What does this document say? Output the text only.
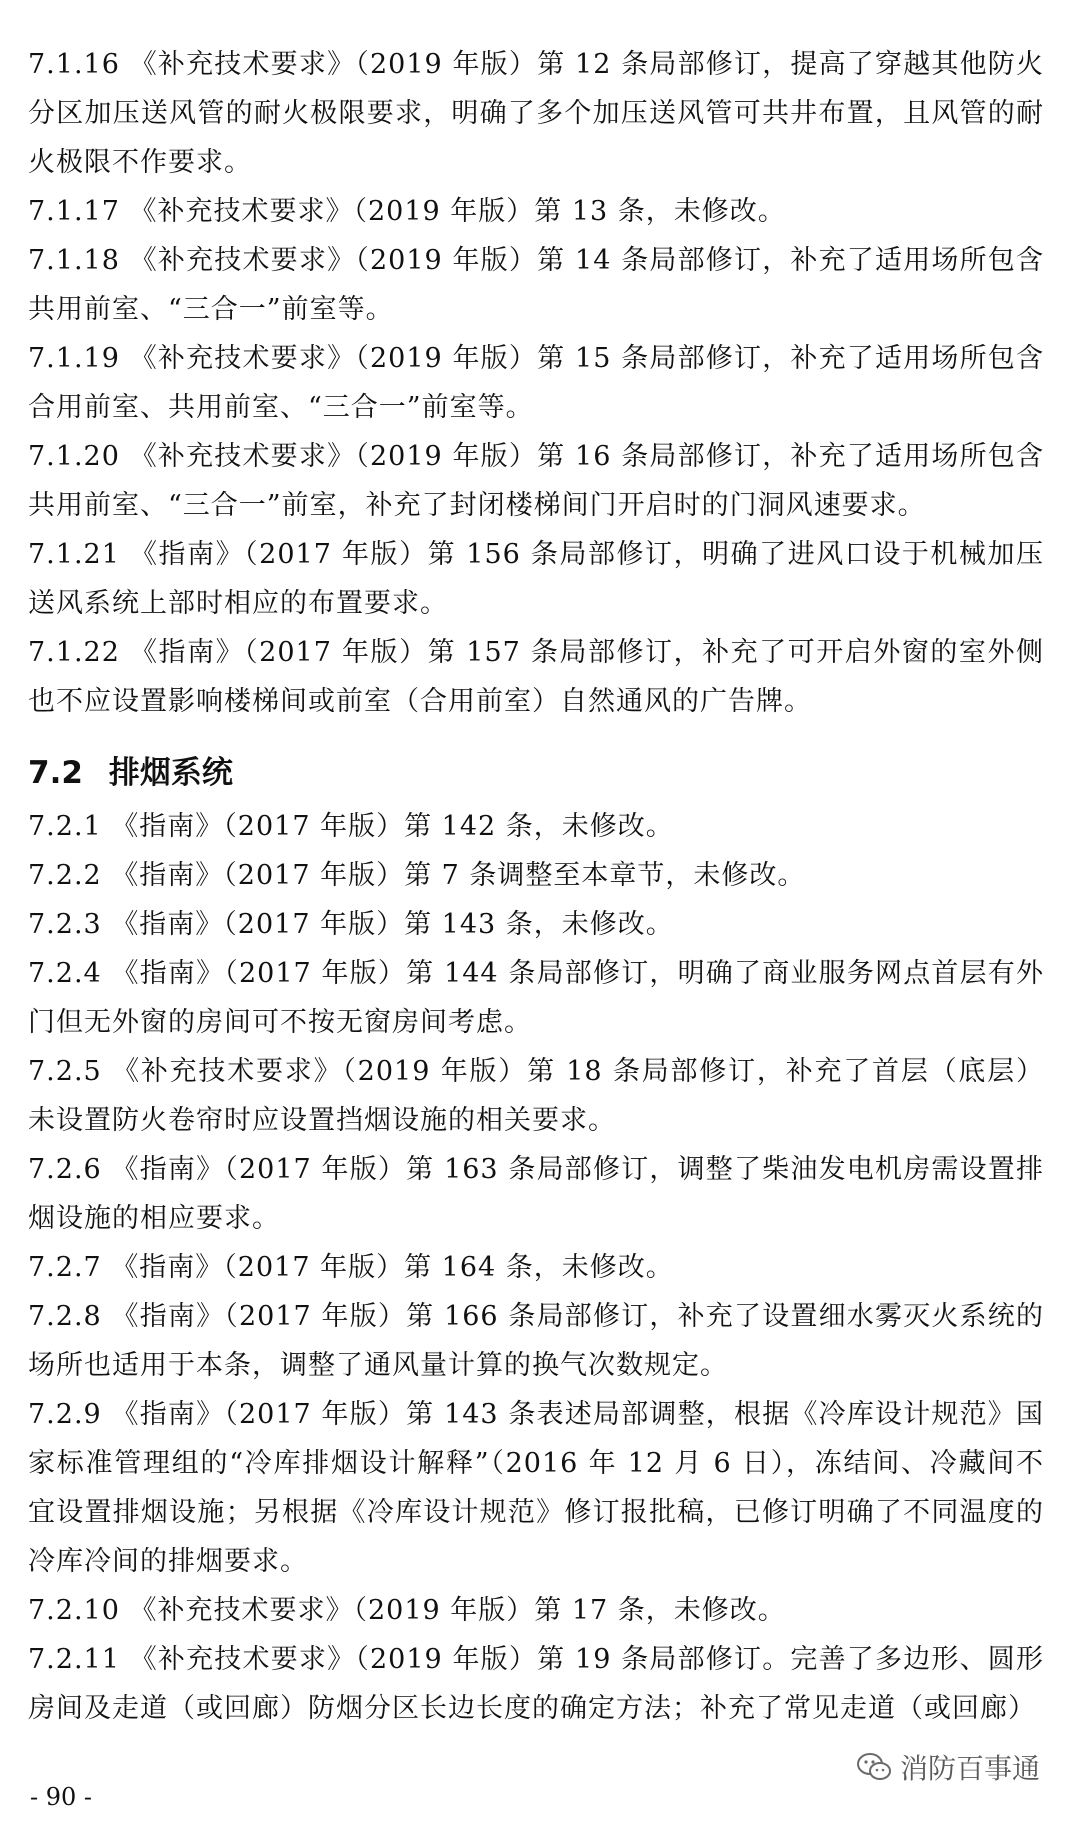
7.1.16 《补充技术要求》（2019 年版）第 12 条局部修订，提高了穿越其他防火分区加压送风管的耐火极限要求，明确了多个加压送风管可共井布置，且风管的耐火极限不作要求。

7.1.17 《补充技术要求》（2019 年版）第 13 条，未修改。

7.1.18 《补充技术要求》（2019 年版）第 14 条局部修订，补充了适用场所包含共用前室、“三合一”前室等。

7.1.19 《补充技术要求》（2019 年版）第 15 条局部修订，补充了适用场所包含合用前室、共用前室、“三合一”前室等。

7.1.20 《补充技术要求》（2019 年版）第 16 条局部修订，补充了适用场所包含共用前室、“三合一”前室，补充了封闭楼梯间门开启时的门洞风速要求。

7.1.21 《指南》（2017 年版）第 156 条局部修订，明确了进风口设于机械加压送风系统上部时相应的布置要求。

7.1.22 《指南》（2017 年版）第 157 条局部修订，补充了可开启外窗的室外侧也不应设置影响楼梯间或前室（合用前室）自然通风的广告牌。

7.2 排烟系统

7.2.1 《指南》（2017 年版）第 142 条，未修改。

7.2.2 《指南》（2017 年版）第 7 条调整至本章节，未修改。

7.2.3 《指南》（2017 年版）第 143 条，未修改。

7.2.4 《指南》（2017 年版）第 144 条局部修订，明确了商业服务网点首层有外门但无外窗的房间可不按无窗房间考虑。

7.2.5 《补充技术要求》（2019 年版）第 18 条局部修订，补充了首层（底层）未设置防火卷帘时应设置挡烟设施的相关要求。

7.2.6 《指南》（2017 年版）第 163 条局部修订，调整了柴油发电机房需设置排烟设施的相应要求。

7.2.7 《指南》（2017 年版）第 164 条，未修改。

7.2.8 《指南》（2017 年版）第 166 条局部修订，补充了设置细水雾灭火系统的场所也适用于本条，调整了通风量计算的换气次数规定。

7.2.9 《指南》（2017 年版）第 143 条表述局部调整，根据《冷库设计规范》国家标准管理组的“冷库排烟设计解释”（2016 年 12 月 6 日），冻结间、冷藏间不宜设置排烟设施；另根据《冷库设计规范》修订报批稿，已修订明确了不同温度的冷库冷间的排烟要求。

7.2.10 《补充技术要求》（2019 年版）第 17 条，未修改。

7.2.11 《补充技术要求》（2019 年版）第 19 条局部修订。完善了多边形、圆形房间及走道（或回廊）防烟分区长边长度的确定方法；补充了常见走道（或回廊）

消防百事通
- 90 -
